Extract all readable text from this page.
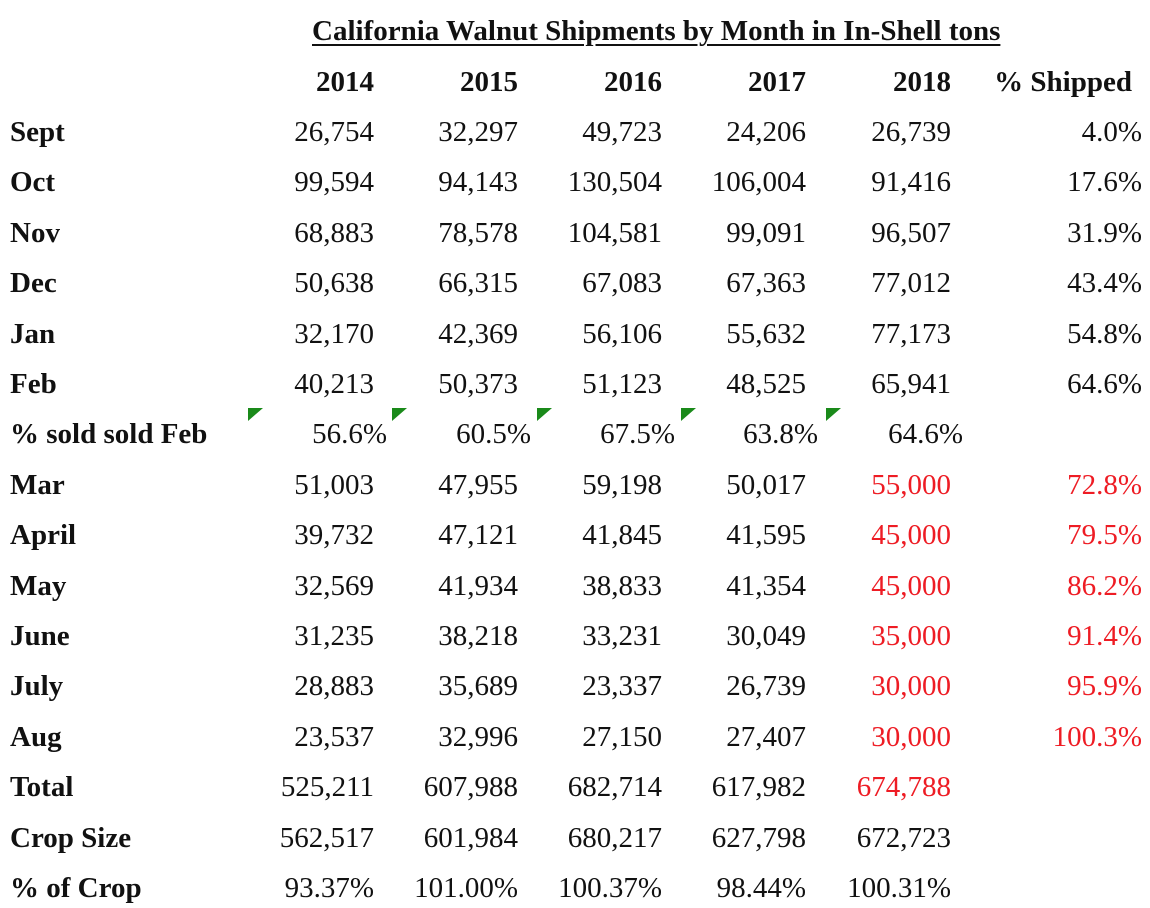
California Walnut Shipments by Month in In-Shell tons
2014	2015	2016	2017	2018 % Shipped
Sept	26,754 32,297 49,723 24,206 26,739	4.0%
Oct	99,594 94,143 130,504 106,004 91,416	17.6%
Nov	68,883 78,578 104,581 99,091 96,507	31.9%
Dec	50,638 66,315 67,083 67,363 77,012	43.4%
Jan	32,170 42,369 56,106 55,632 77,173	54.8%
Feb	40,213 50,373 51,123 48,525 65,941	64.6%
% sold sold Feb	56.6% 60.5% 67.5% 63.8% 64.6%
Mar	51,003 47,955 59,198 50,017 55,000	72.8%
April	39,732 47,121 41,845 41,595 45,000	79.5%
May	32,569 41,934 38,833 41,354 45,000	86.2%
June	31,235 38,218 33,231 30,049 35,000	91.4%
July	28,883 35,689 23,337 26,739 30,000	95.9%
Aug	23,537 32,996 27,150 27,407 30,000	100.3%
Total	525,211 607,988 682,714 617,982 674,788
Crop Size	562,517 601,984 680,217 627,798 672,723
% of Crop	93.37% 101.00% 100.37% 98.44% 100.31%
